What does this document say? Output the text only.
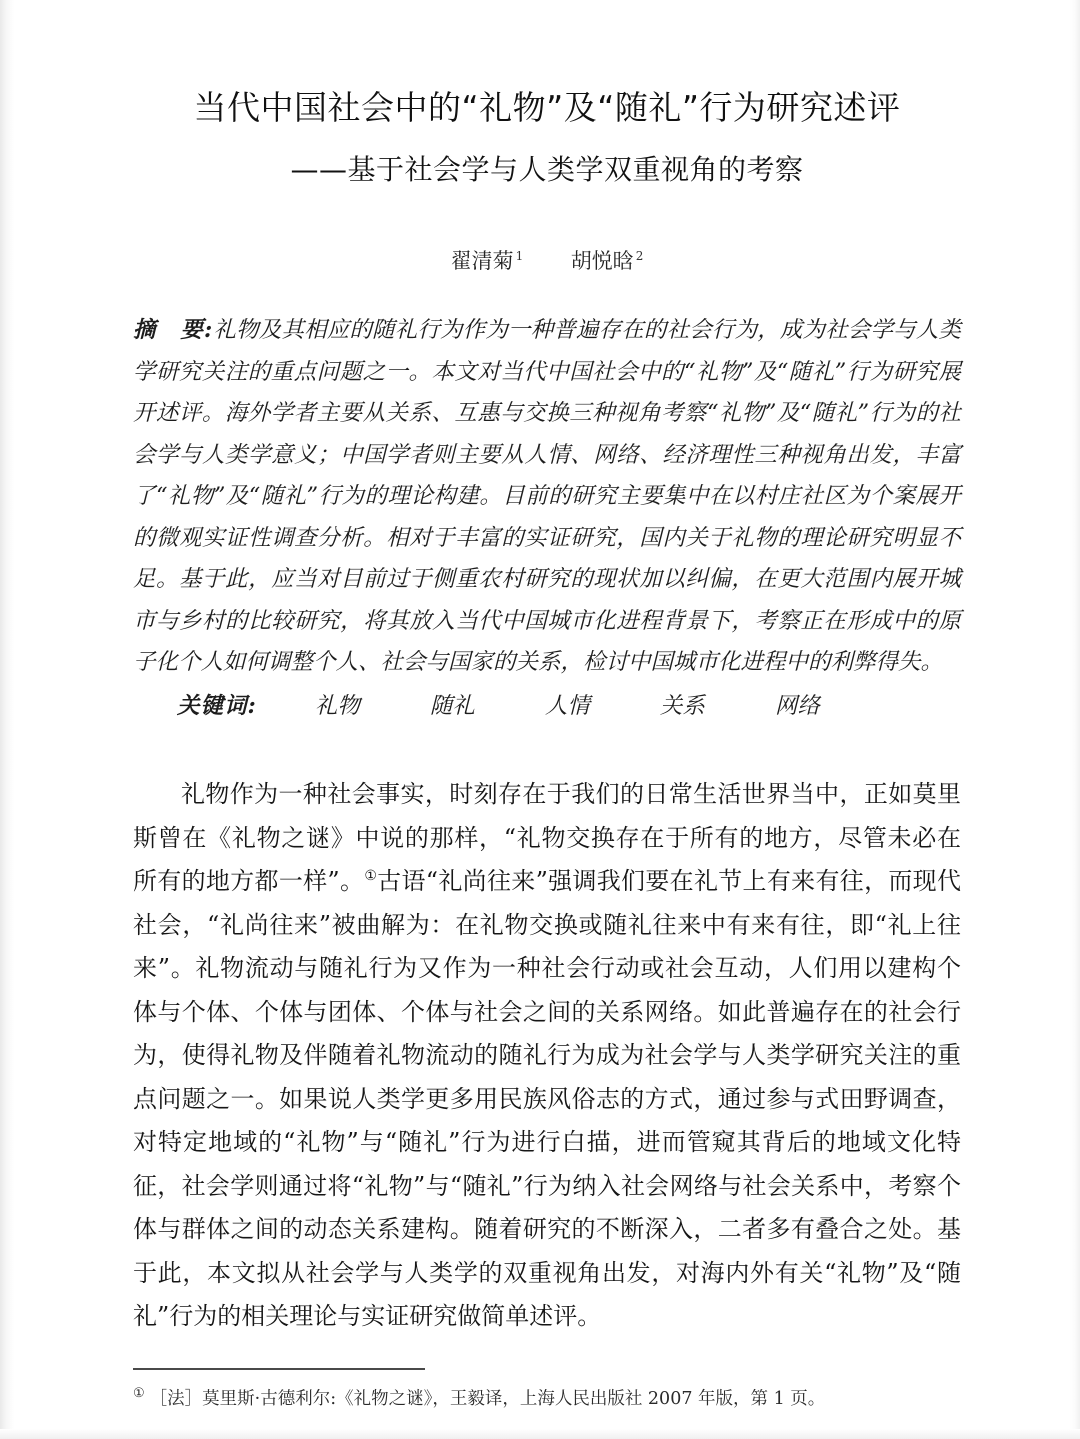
当代中国社会中的“礼物”及“随礼”行为研究述评
——基于社会学与人类学双重视角的考察
翟清菊 $^1$ 胡悦晗 $^2$

摘　要:礼物及其相应的随礼行为作为一种普遍存在的社会行为，成为社会学与人类学研究关注的重点问题之一。本文对当代中国社会中的“礼物”及“随礼”行为研究展开述评。海外学者主要从关系、互惠与交换三种视角考察“礼物”及“随礼”行为的社会学与人类学意义；中国学者则主要从人情、网络、经济理性三种视角出发，丰富了“礼物”及“随礼”行为的理论构建。目前的研究主要集中在以村庄社区为个案展开的微观实证性调查分析。相对于丰富的实证研究，国内关于礼物的理论研究明显不足。基于此，应当对目前过于侧重农村研究的现状加以纠偏，在更大范围内展开城市与乡村的比较研究，将其放入当代中国城市化进程背景下，考察正在形成中的原子化个人如何调整个人、社会与国家的关系，检讨中国城市化进程中的利弊得失。

关键词:	礼物	随礼	人情	关系	网络

礼物作为一种社会事实，时刻存在于我们的日常生活世界当中，正如莫里斯曾在《礼物之谜》中说的那样，“礼物交换存在于所有的地方，尽管未必在所有的地方都一样”。①古语“礼尚往来”强调我们要在礼节上有来有往，而现代社会，“礼尚往来”被曲解为：在礼物交换或随礼往来中有来有往，即“礼上往来”。礼物流动与随礼行为又作为一种社会行动或社会互动，人们用以建构个体与个体、个体与团体、个体与社会之间的关系网络。如此普遍存在的社会行为，使得礼物及伴随着礼物流动的随礼行为成为社会学与人类学研究关注的重点问题之一。如果说人类学更多用民族风俗志的方式，通过参与式田野调查，对特定地域的“礼物”与“随礼”行为进行白描，进而管窥其背后的地域文化特征，社会学则通过将“礼物”与“随礼”行为纳入社会网络与社会关系中，考察个体与群体之间的动态关系建构。随着研究的不断深入，二者多有叠合之处。基于此，本文拟从社会学与人类学的双重视角出发，对海内外有关“礼物”及“随礼”行为的相关理论与实证研究做简单述评。

① ［法］莫里斯·古德利尔:《礼物之谜》，王毅译，上海人民出版社 2007 年版，第 1 页。
